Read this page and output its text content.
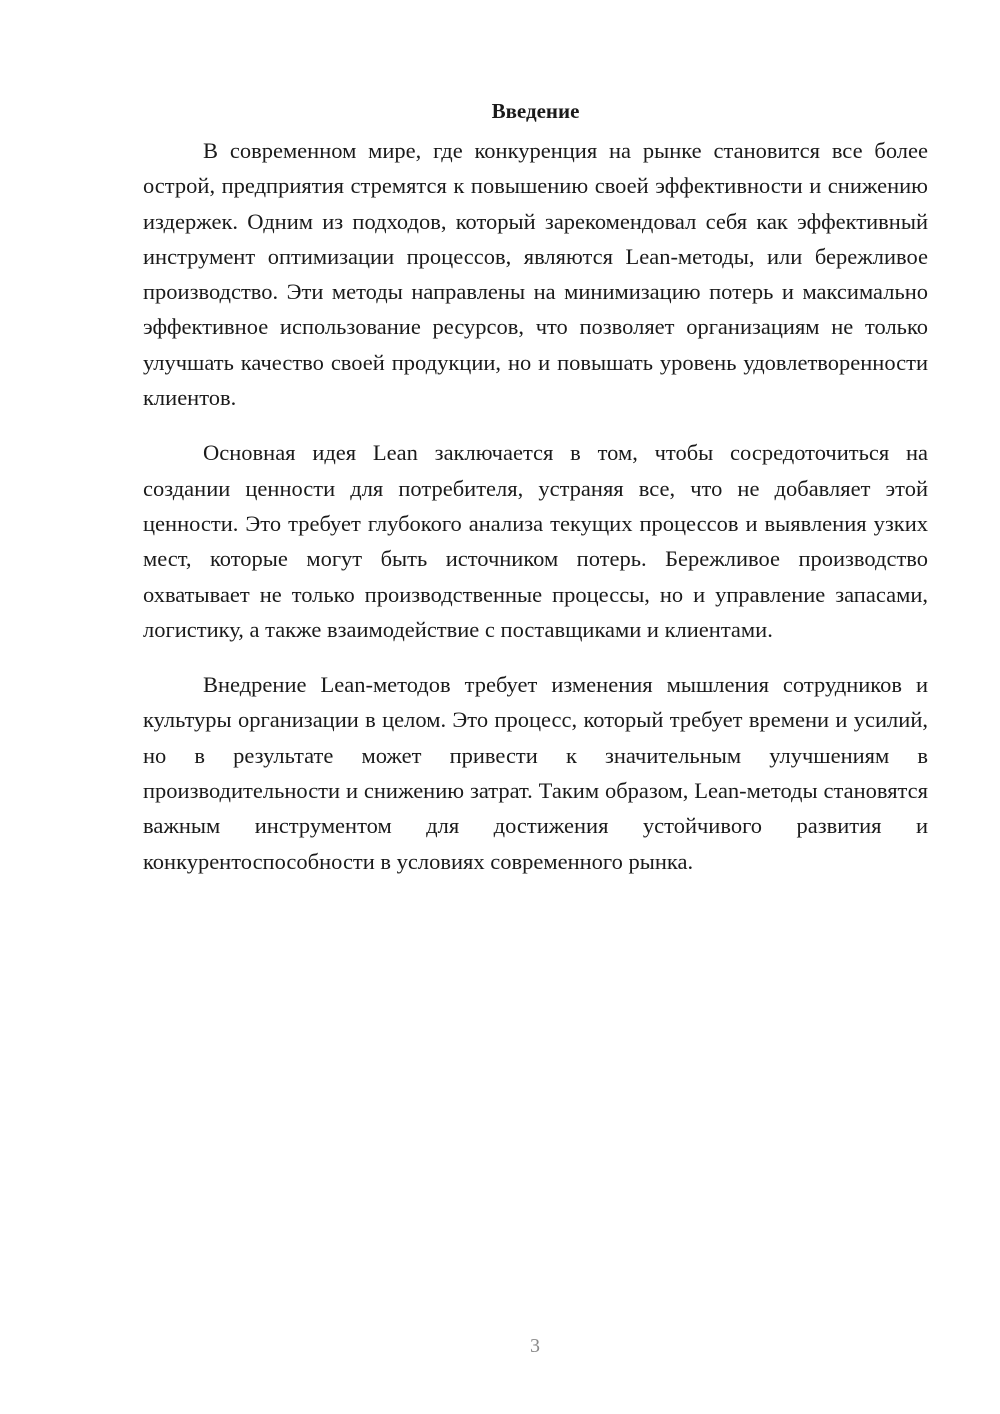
Введение

В современном мире, где конкуренция на рынке становится все более острой, предприятия стремятся к повышению своей эффективности и снижению издержек. Одним из подходов, который зарекомендовал себя как эффективный инструмент оптимизации процессов, являются Lean-методы, или бережливое производство. Эти методы направлены на минимизацию потерь и максимально эффективное использование ресурсов, что позволяет организациям не только улучшать качество своей продукции, но и повышать уровень удовлетворенности клиентов.

Основная идея Lean заключается в том, чтобы сосредоточиться на создании ценности для потребителя, устраняя все, что не добавляет этой ценности. Это требует глубокого анализа текущих процессов и выявления узких мест, которые могут быть источником потерь. Бережливое производство охватывает не только производственные процессы, но и управление запасами, логистику, а также взаимодействие с поставщиками и клиентами.

Внедрение Lean-методов требует изменения мышления сотрудников и культуры организации в целом. Это процесс, который требует времени и усилий, но в результате может привести к значительным улучшениям в производительности и снижению затрат. Таким образом, Lean-методы становятся важным инструментом для достижения устойчивого развития и конкурентоспособности в условиях современного рынка.

3
